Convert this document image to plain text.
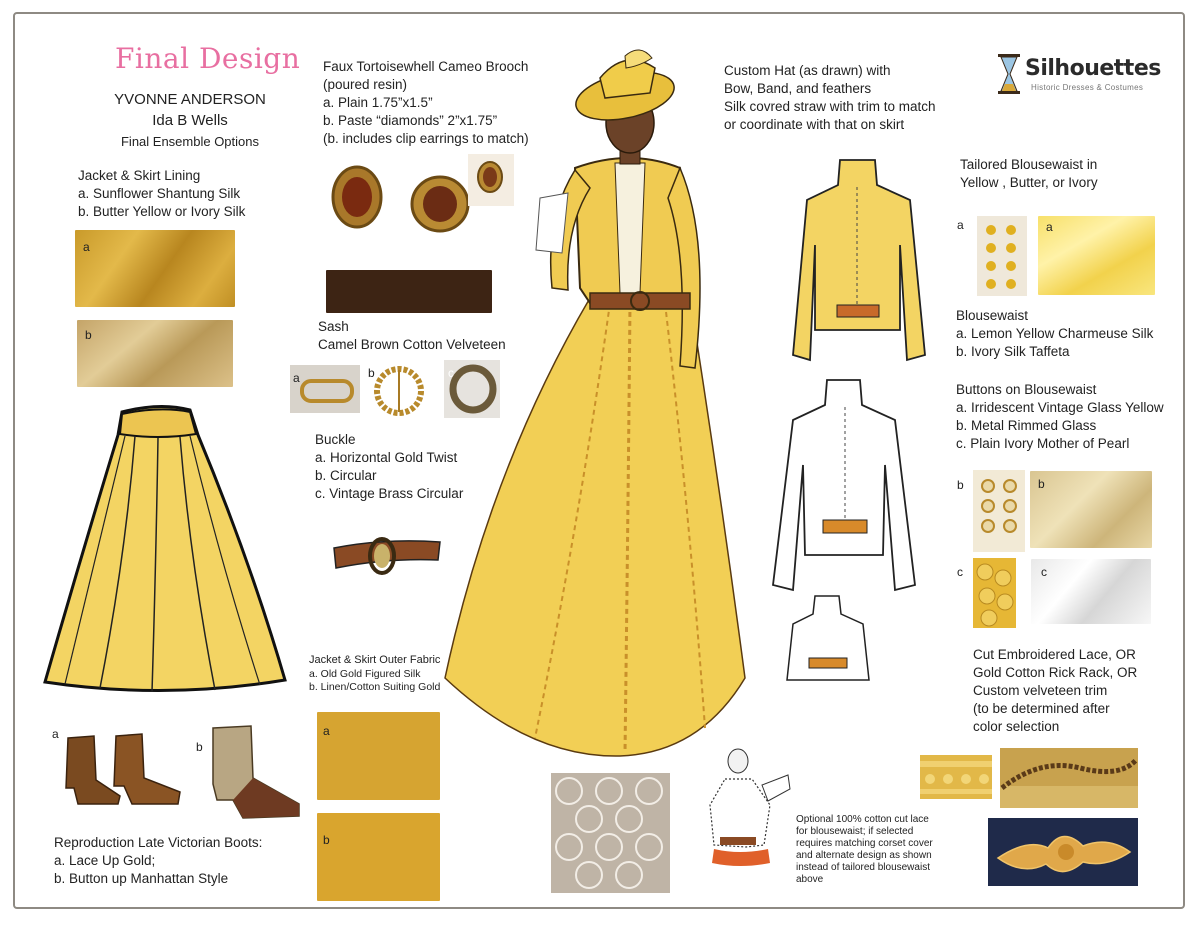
Final Design
YVONNE ANDERSON
Ida B Wells
Final Ensemble Options
Silhouettes
Historic Dresses & Costumes
Jacket & Skirt Lining
a. Sunflower Shantung Silk
b. Butter Yellow or Ivory Silk
a
b
Faux Tortoisewhell Cameo Brooch
(poured resin)
a. Plain 1.75”x1.5”
b. Paste “diamonds” 2”x1.75”
(b. includes clip earrings to match)
Sash
Camel Brown Cotton Velveteen
a	b	c
Buckle
a. Horizontal Gold Twist
b. Circular
c. Vintage Brass Circular
Jacket & Skirt Outer Fabric
a. Old Gold Figured Silk
b. Linen/Cotton Suiting Gold
a
b
a
b
Reproduction Late Victorian Boots:
a. Lace Up Gold;
b. Button up Manhattan Style
Custom Hat (as drawn) with
Bow, Band, and feathers
Silk covred straw with trim to match
or coordinate with that on skirt
Tailored Blousewaist in
Yellow , Butter, or Ivory
a	a
Blousewaist
a. Lemon Yellow Charmeuse Silk
b. Ivory Silk Taffeta
Buttons on Blousewaist
a. Irridescent Vintage Glass Yellow
b. Metal Rimmed Glass
c. Plain Ivory Mother of Pearl
b	b
c	c
Cut Embroidered Lace, OR
Gold Cotton Rick Rack, OR
Custom velveteen trim
(to be determined after
color selection
Optional 100% cotton cut lace
for blousewaist; if selected
requires matching corset cover
and alternate design as shown
instead of tailored blousewaist
above
